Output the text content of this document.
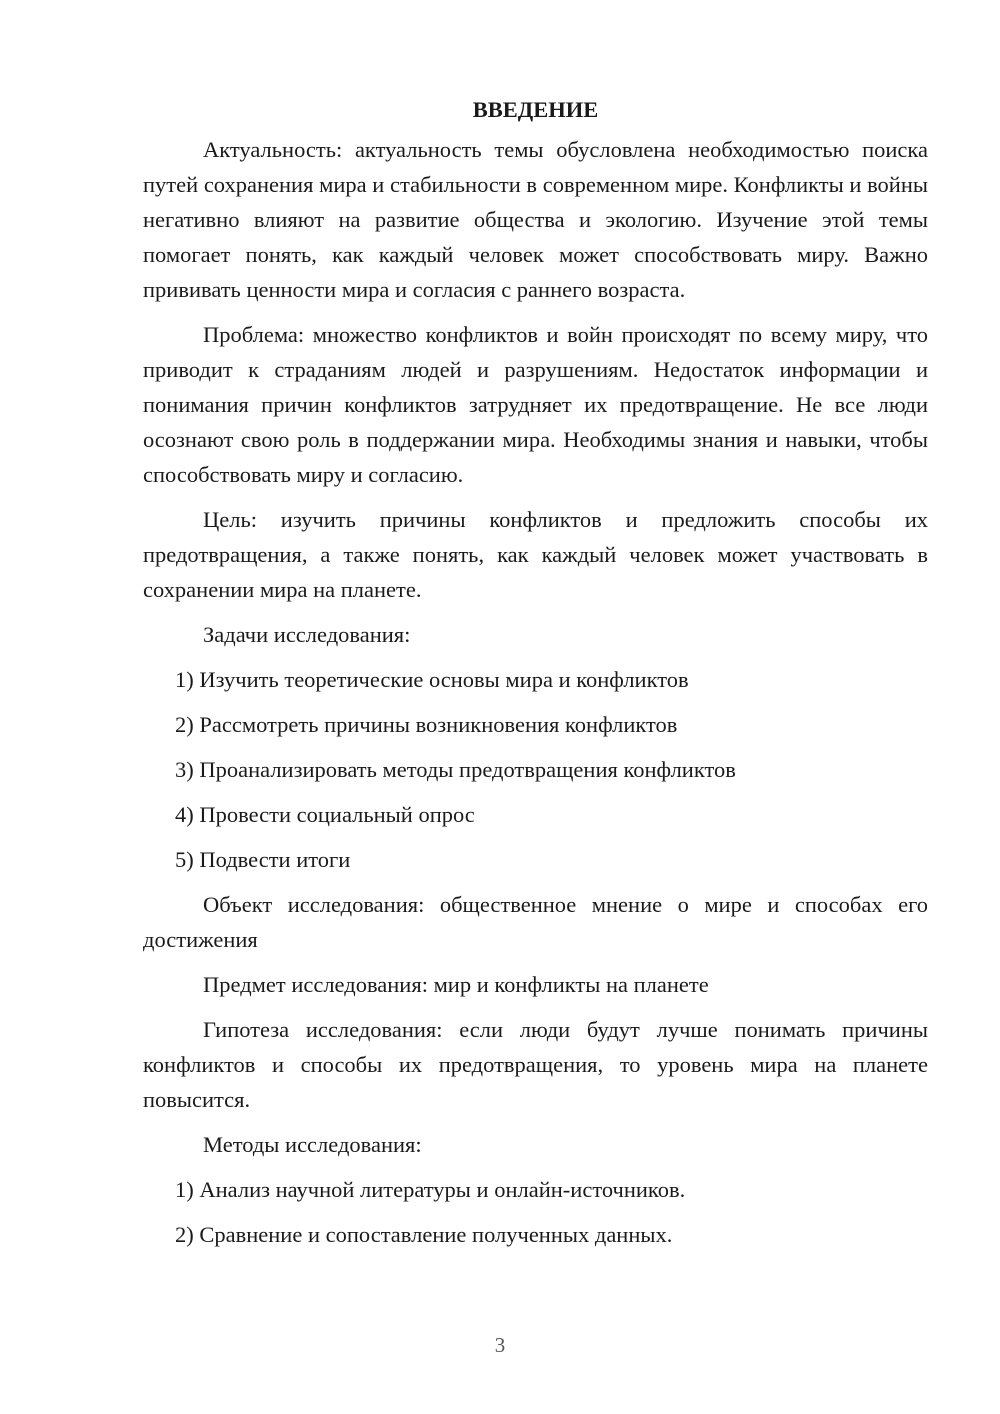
ВВЕДЕНИЕ

Актуальность: актуальность темы обусловлена необходимостью поиска путей сохранения мира и стабильности в современном мире. Конфликты и войны негативно влияют на развитие общества и экологию. Изучение этой темы помогает понять, как каждый человек может способствовать миру. Важно прививать ценности мира и согласия с раннего возраста.

Проблема: множество конфликтов и войн происходят по всему миру, что приводит к страданиям людей и разрушениям. Недостаток информации и понимания причин конфликтов затрудняет их предотвращение. Не все люди осознают свою роль в поддержании мира. Необходимы знания и навыки, чтобы способствовать миру и согласию.

Цель: изучить причины конфликтов и предложить способы их предотвращения, а также понять, как каждый человек может участвовать в сохранении мира на планете.

Задачи исследования:

1) Изучить теоретические основы мира и конфликтов
2) Рассмотреть причины возникновения конфликтов
3) Проанализировать методы предотвращения конфликтов
4) Провести социальный опрос
5) Подвести итоги

Объект исследования: общественное мнение о мире и способах его достижения

Предмет исследования: мир и конфликты на планете

Гипотеза исследования: если люди будут лучше понимать причины конфликтов и способы их предотвращения, то уровень мира на планете повысится.

Методы исследования:

1) Анализ научной литературы и онлайн-источников.
2) Сравнение и сопоставление полученных данных.
3
